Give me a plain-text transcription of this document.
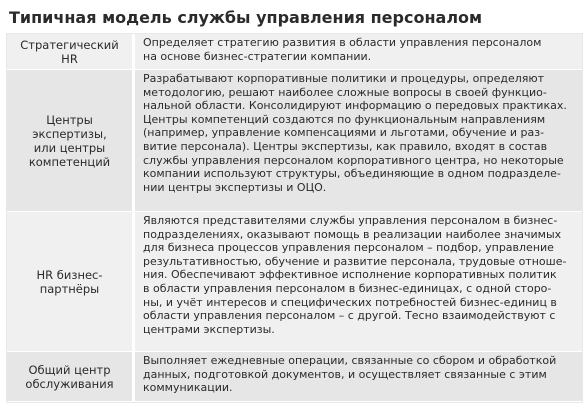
Типичная модель службы управления персоналом
Стратегический HR
Определяет стратегию развития в области управления персоналом
на основе бизнес-стратегии компании.
Центры
экспертизы,
или центры
компетенций
Разрабатывают корпоративные политики и процедуры, определяют
методологию, решают наиболее сложные вопросы в своей функцио-
нальной области. Консолидируют информацию о передовых практиках.
Центры компетенций создаются по функциональным направлениям
(например, управление компенсациями и льготами, обучение и раз-
витие персонала). Центры экспертизы, как правило, входят в состав
службы управления персоналом корпоративного центра, но некоторые
компании используют структуры, объединяющие в одном подразделе-
нии центры экспертизы и ОЦО.
HR бизнес-
партнёры
Являются представителями службы управления персоналом в бизнес-
подразделениях, оказывают помощь в реализации наиболее значимых
для бизнеса процессов управления персоналом – подбор, управление
результативностью, обучение и развитие персонала, трудовые отноше-
ния. Обеспечивают эффективное исполнение корпоративных политик
в области управления персоналом в бизнес-единицах, с одной сторо-
ны, и учёт интересов и специфических потребностей бизнес-единиц в
области управления персоналом – с другой. Тесно взаимодействуют с
центрами экспертизы.
Общий центр
обслуживания
Выполняет ежедневные операции, связанные со сбором и обработкой
данных, подготовкой документов, и осуществляет связанные с этим
коммуникации.
